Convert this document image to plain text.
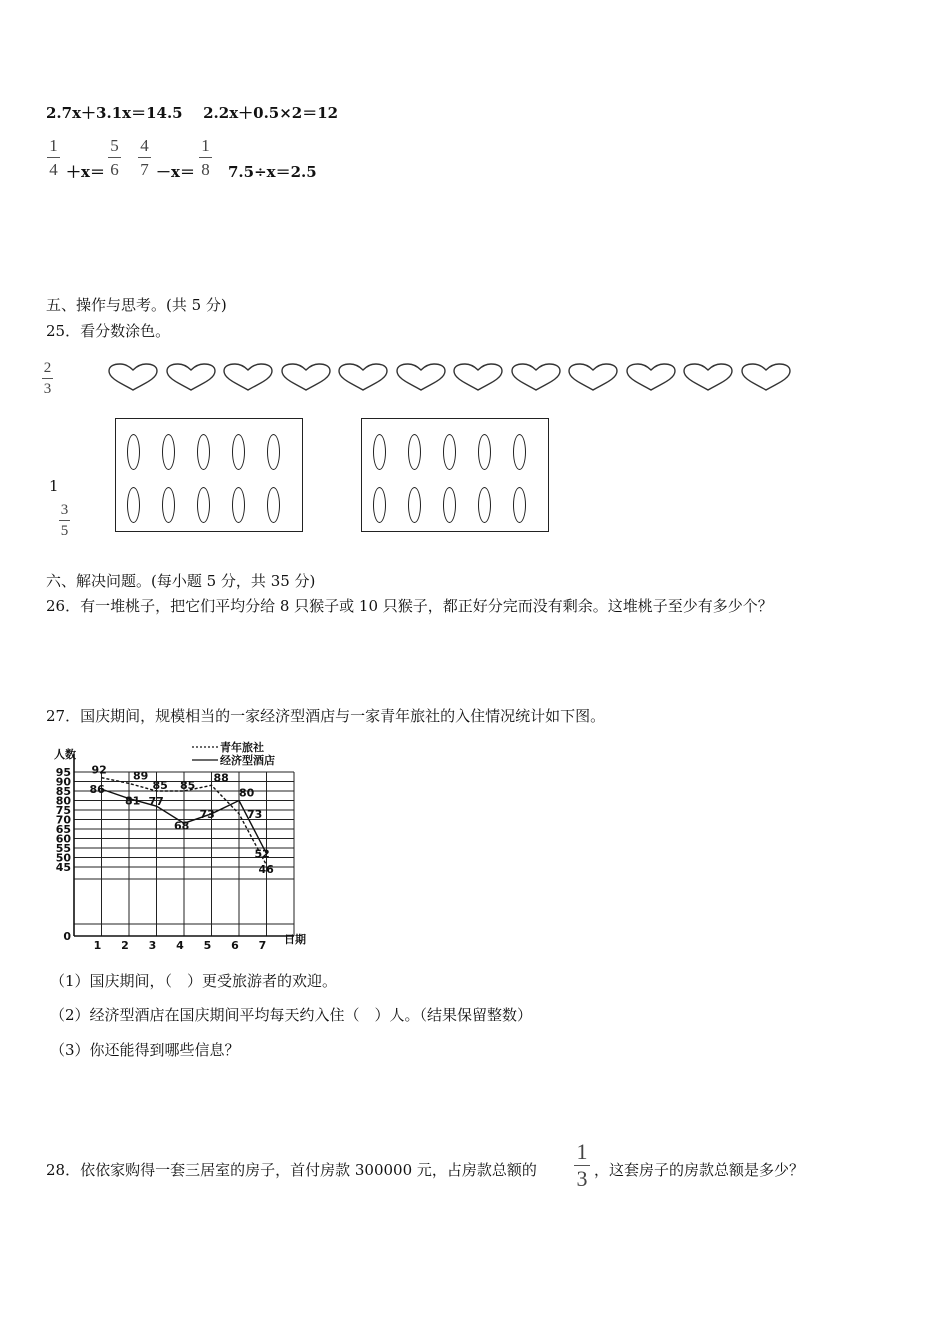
2.7x＋3.1x＝14.5 2.2x＋0.5×2＝12
1
4 ＋x＝
5
6
4
7 －x＝
1
8 7.5÷x＝2.5
五、操作与思考。(共 5 分)
25．看分数涂色。
2
3
1
3
5
六、解决问题。(每小题 5 分，共 35 分)
26．有一堆桃子，把它们平均分给 8 只猴子或 10 只猴子，都正好分完而没有剩余。这堆桃子至少有多少个？
27．国庆期间，规模相当的一家经济型酒店与一家青年旅社的入住情况统计如下图。
人数
日期
青年旅社
经济型酒店
92 89
85 85
88
73
46
86
81 77
68
73
80
52
0
45
50
55
60
65
70
75
80
85
90
95
1 2 3 4 5 6 7
（1）国庆期间，（　）更受旅游者的欢迎。
（2）经济型酒店在国庆期间平均每天约入住（　）人。（结果保留整数）
（3）你还能得到哪些信息？
28．依依家购得一套三居室的房子，首付房款 300000 元，占房款总额的
1
3 ，这套房子的房款总额是多少？
